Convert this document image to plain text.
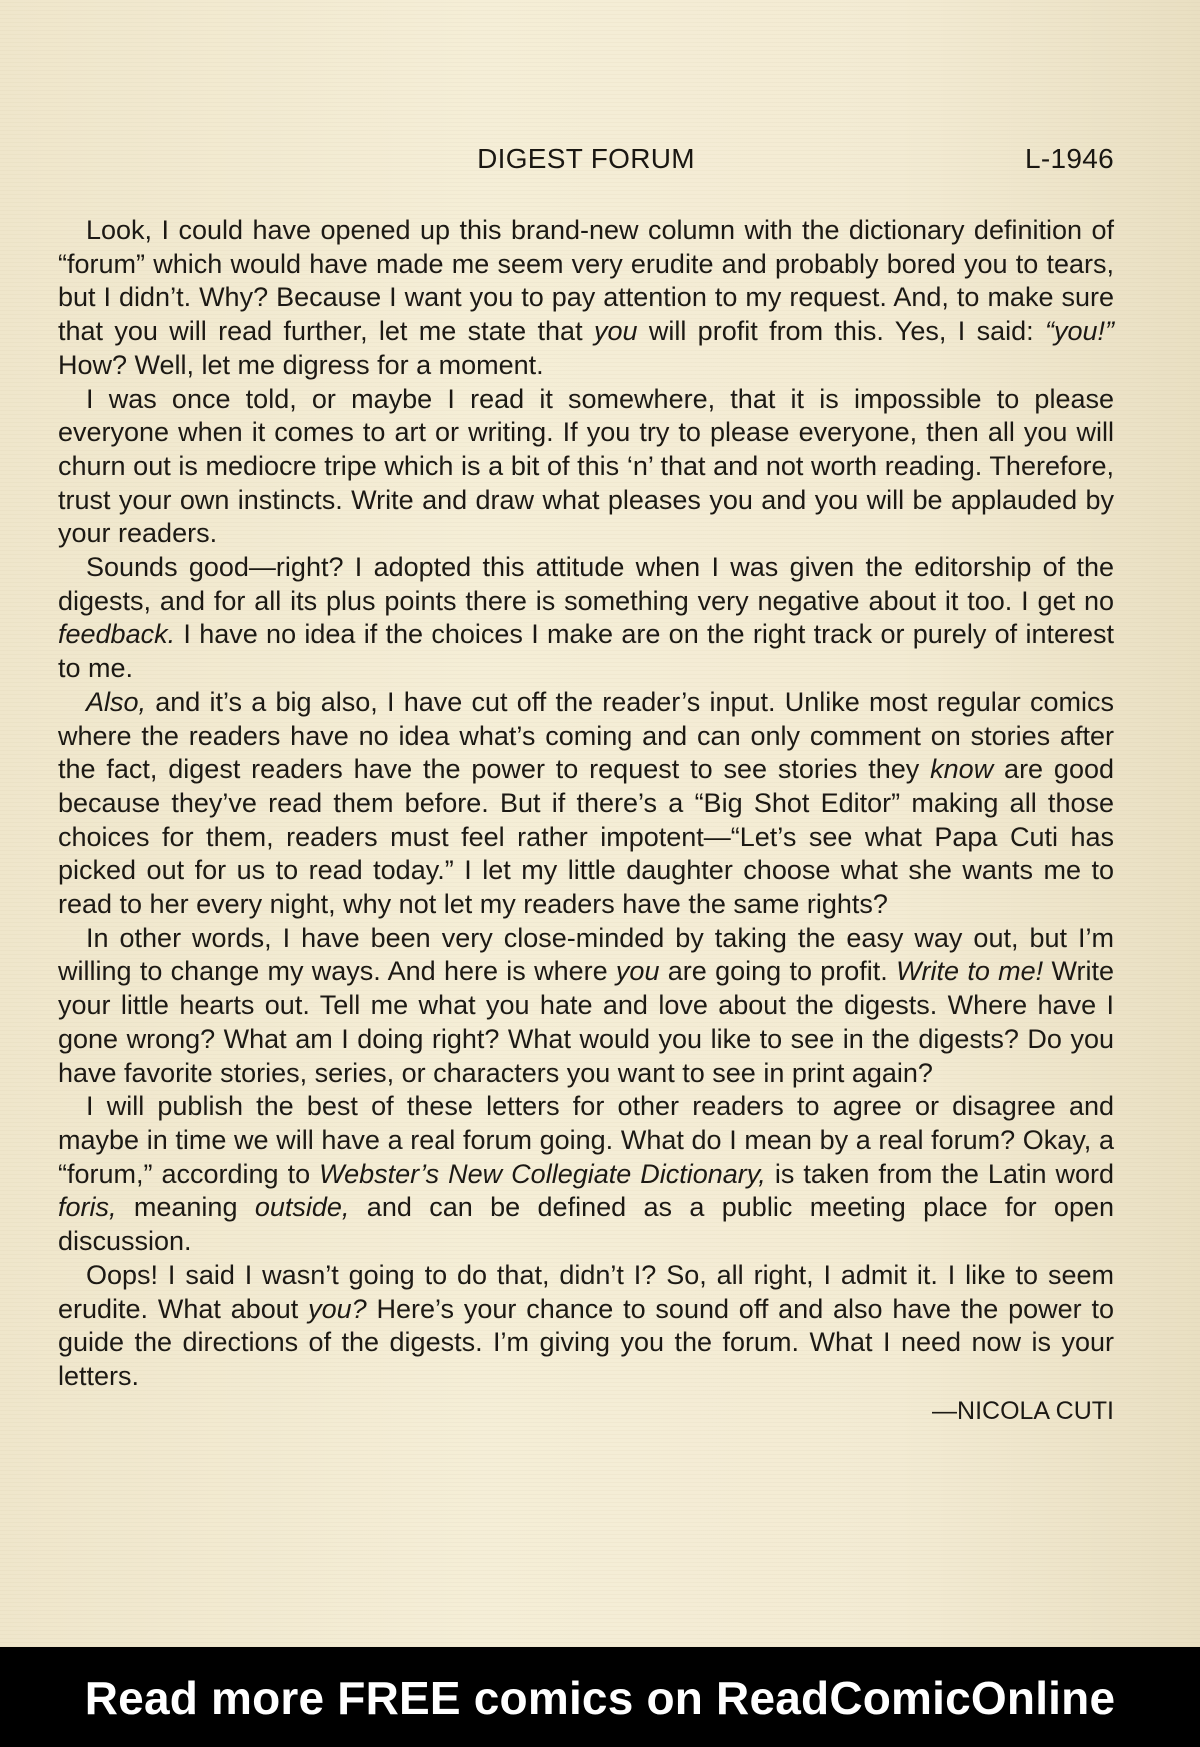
DIGEST FORUM	L-1946

Look, I could have opened up this brand-new column with the dictionary definition of “forum” which would have made me seem very erudite and probably bored you to tears, but I didn’t. Why? Because I want you to pay attention to my request. And, to make sure that you will read further, let me state that you will profit from this. Yes, I said: “you!” How? Well, let me digress for a moment.

I was once told, or maybe I read it somewhere, that it is impossible to please everyone when it comes to art or writing. If you try to please everyone, then all you will churn out is mediocre tripe which is a bit of this ‘n’ that and not worth reading. Therefore, trust your own instincts. Write and draw what pleases you and you will be applauded by your readers.

Sounds good—right? I adopted this attitude when I was given the editorship of the digests, and for all its plus points there is something very negative about it too. I get no feedback. I have no idea if the choices I make are on the right track or purely of interest to me.

Also, and it’s a big also, I have cut off the reader’s input. Unlike most regular comics where the readers have no idea what’s coming and can only comment on stories after the fact, digest readers have the power to request to see stories they know are good because they’ve read them before. But if there’s a “Big Shot Editor” making all those choices for them, readers must feel rather impotent—“Let’s see what Papa Cuti has picked out for us to read today.” I let my little daughter choose what she wants me to read to her every night, why not let my readers have the same rights?

In other words, I have been very close-minded by taking the easy way out, but I’m willing to change my ways. And here is where you are going to profit. Write to me! Write your little hearts out. Tell me what you hate and love about the digests. Where have I gone wrong? What am I doing right? What would you like to see in the digests? Do you have favorite stories, series, or characters you want to see in print again?

I will publish the best of these letters for other readers to agree or disagree and maybe in time we will have a real forum going. What do I mean by a real forum? Okay, a “forum,” according to Webster’s New Collegiate Dictionary, is taken from the Latin word foris, meaning outside, and can be defined as a public meeting place for open discussion.

Oops! I said I wasn’t going to do that, didn’t I? So, all right, I admit it. I like to seem erudite. What about you? Here’s your chance to sound off and also have the power to guide the directions of the digests. I’m giving you the forum. What I need now is your letters.

—NICOLA CUTI
Read more FREE comics on ReadComicOnline
